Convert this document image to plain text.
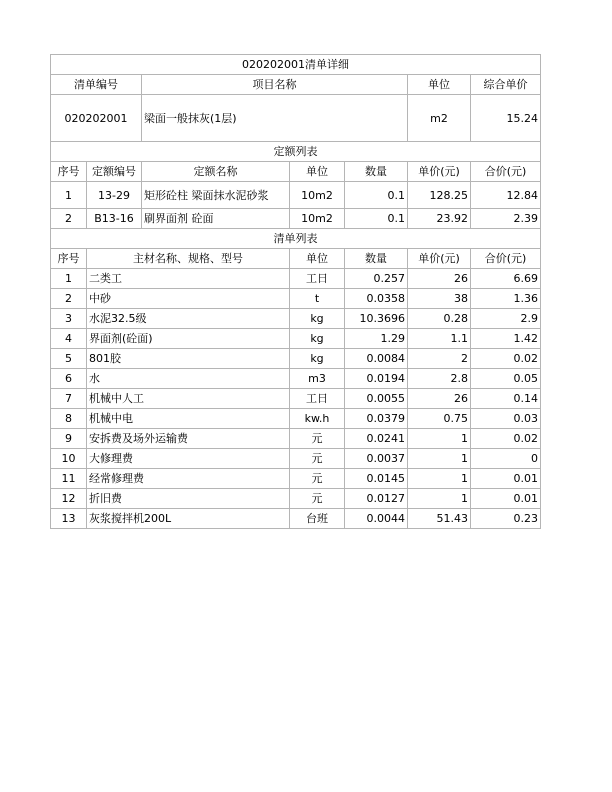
020202001清单详细						
清单编号		项目名称			单位	综合单价
020202001		梁面一般抹灰(1层)			m2	15.24
定额列表						
序号	定额编号	定额名称	单位	数量	单价(元)	合价(元)
1	13-29	矩形砼柱 梁面抹水泥砂浆	10m2	0.1	128.25	12.84
2	B13-16	刷界面剂 砼面	10m2	0.1	23.92	2.39
清单列表						
序号	主材名称、规格、型号		单位	数量	单价(元)	合价(元)
1	二类工		工日	0.257	26	6.69
2	中砂		t	0.0358	38	1.36
3	水泥32.5级		kg	10.3696	0.28	2.9
4	界面剂(砼面)		kg	1.29	1.1	1.42
5	801胶		kg	0.0084	2	0.02
6	水		m3	0.0194	2.8	0.05
7	机械中人工		工日	0.0055	26	0.14
8	机械中电		kw.h	0.0379	0.75	0.03
9	安拆费及场外运输费		元	0.0241	1	0.02
10	大修理费		元	0.0037	1	0
11	经常修理费		元	0.0145	1	0.01
12	折旧费		元	0.0127	1	0.01
13	灰浆搅拌机200L		台班	0.0044	51.43	0.23
